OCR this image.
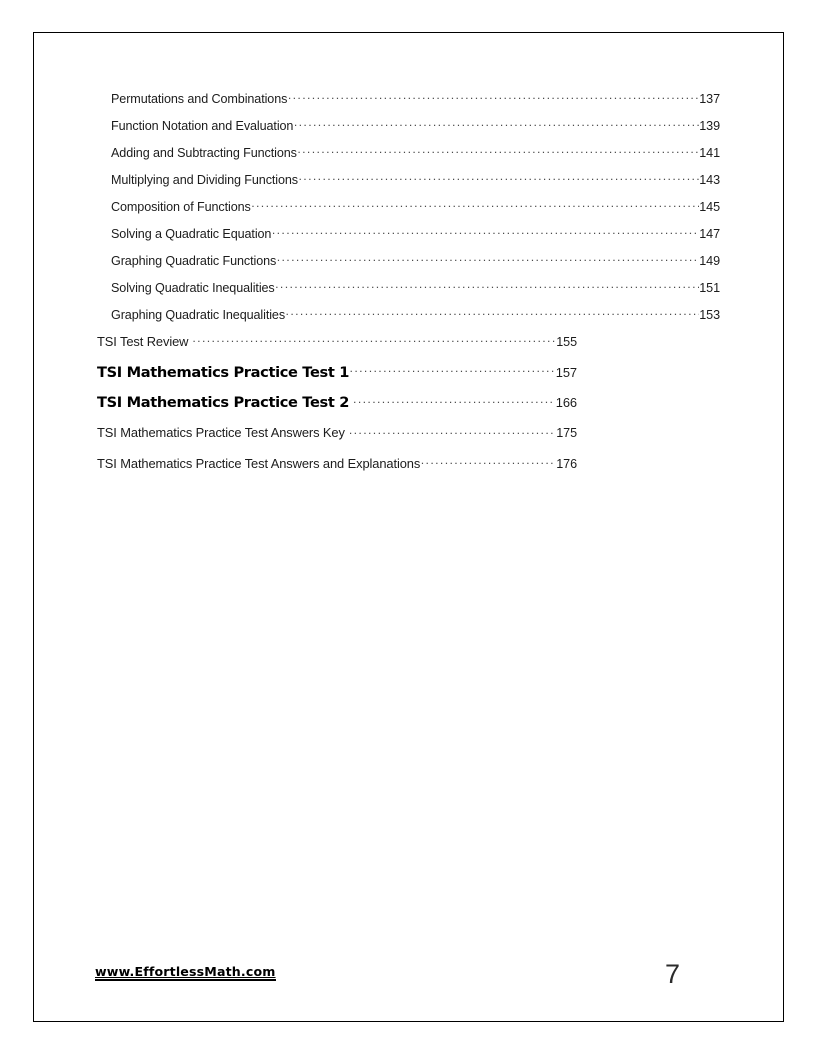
Permutations and Combinations .....	137
Function Notation and Evaluation .....	139
Adding and Subtracting Functions .....	141
Multiplying and Dividing Functions .....	143
Composition of Functions .....	145
Solving a Quadratic Equation .....	147
Graphing Quadratic Functions .....	149
Solving Quadratic Inequalities .....	151
Graphing Quadratic Inequalities .....	153
TSI Test Review .....	155
TSI Mathematics Practice Test 1 .....	157
TSI Mathematics Practice Test 2 .....	166
TSI Mathematics Practice Test Answers Key .....	175
TSI Mathematics Practice Test Answers and Explanations .....	176
www.EffortlessMath.com	7
